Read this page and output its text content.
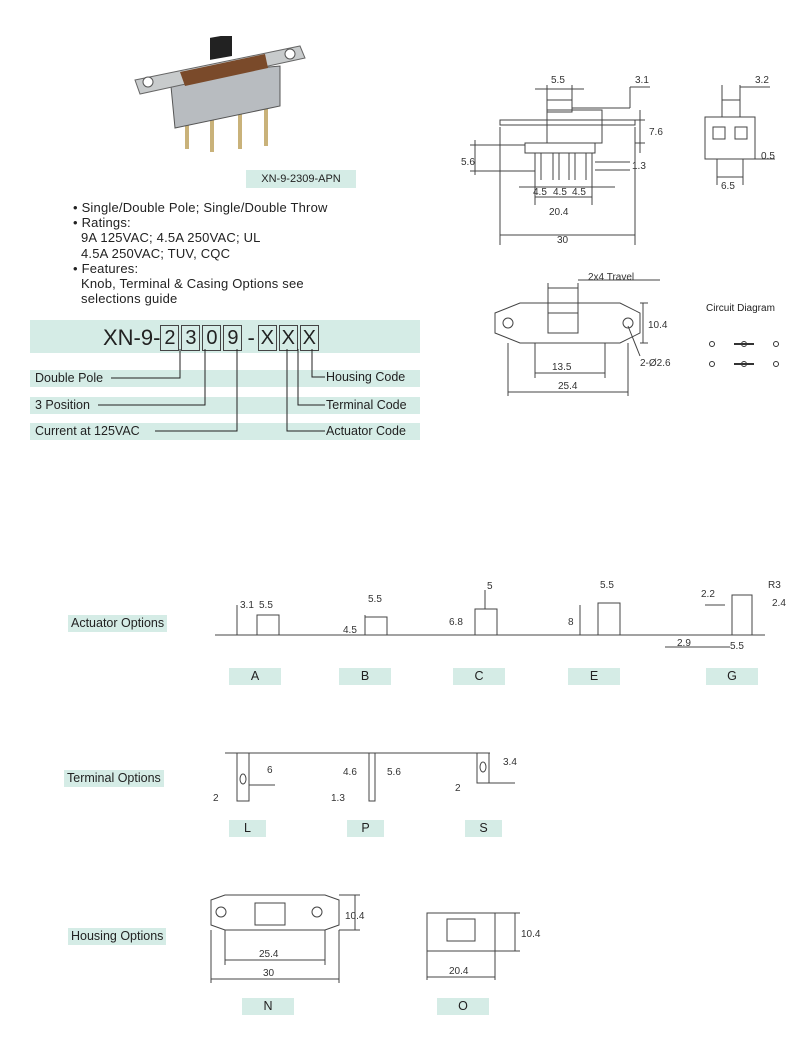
XN-9-2309-APN
• Single/Double Pole; Single/Double Throw
• Ratings:
9A 125VAC; 4.5A 250VAC; UL
4.5A 250VAC; TUV, CQC
• Features:
Knob, Terminal & Casing Options see
selections guide
XN-9- 2 3 0 9 - X X X
Double Pole
3 Position
Current at 125VAC
Housing Code
Terminal Code
Actuator Code
5.5	3.1	3.2
7.6
5.6	1.3
0.5
4.5 4.5 4.5
6.5
20.4
30
2x4 Travel
10.4
13.5
25.4
2-Ø2.6
Circuit Diagram
Actuator Options
3.1 5.5
4.5
5.5
5
6.8
5.5
8
2.2
R3
2.4
2.9	5.5
A	B	C	E	G
Terminal Options
6
2
4.6	5.6
1.3
3.4
2
L	P	S
Housing Options
10.4
25.4
30
10.4
20.4
N	O
